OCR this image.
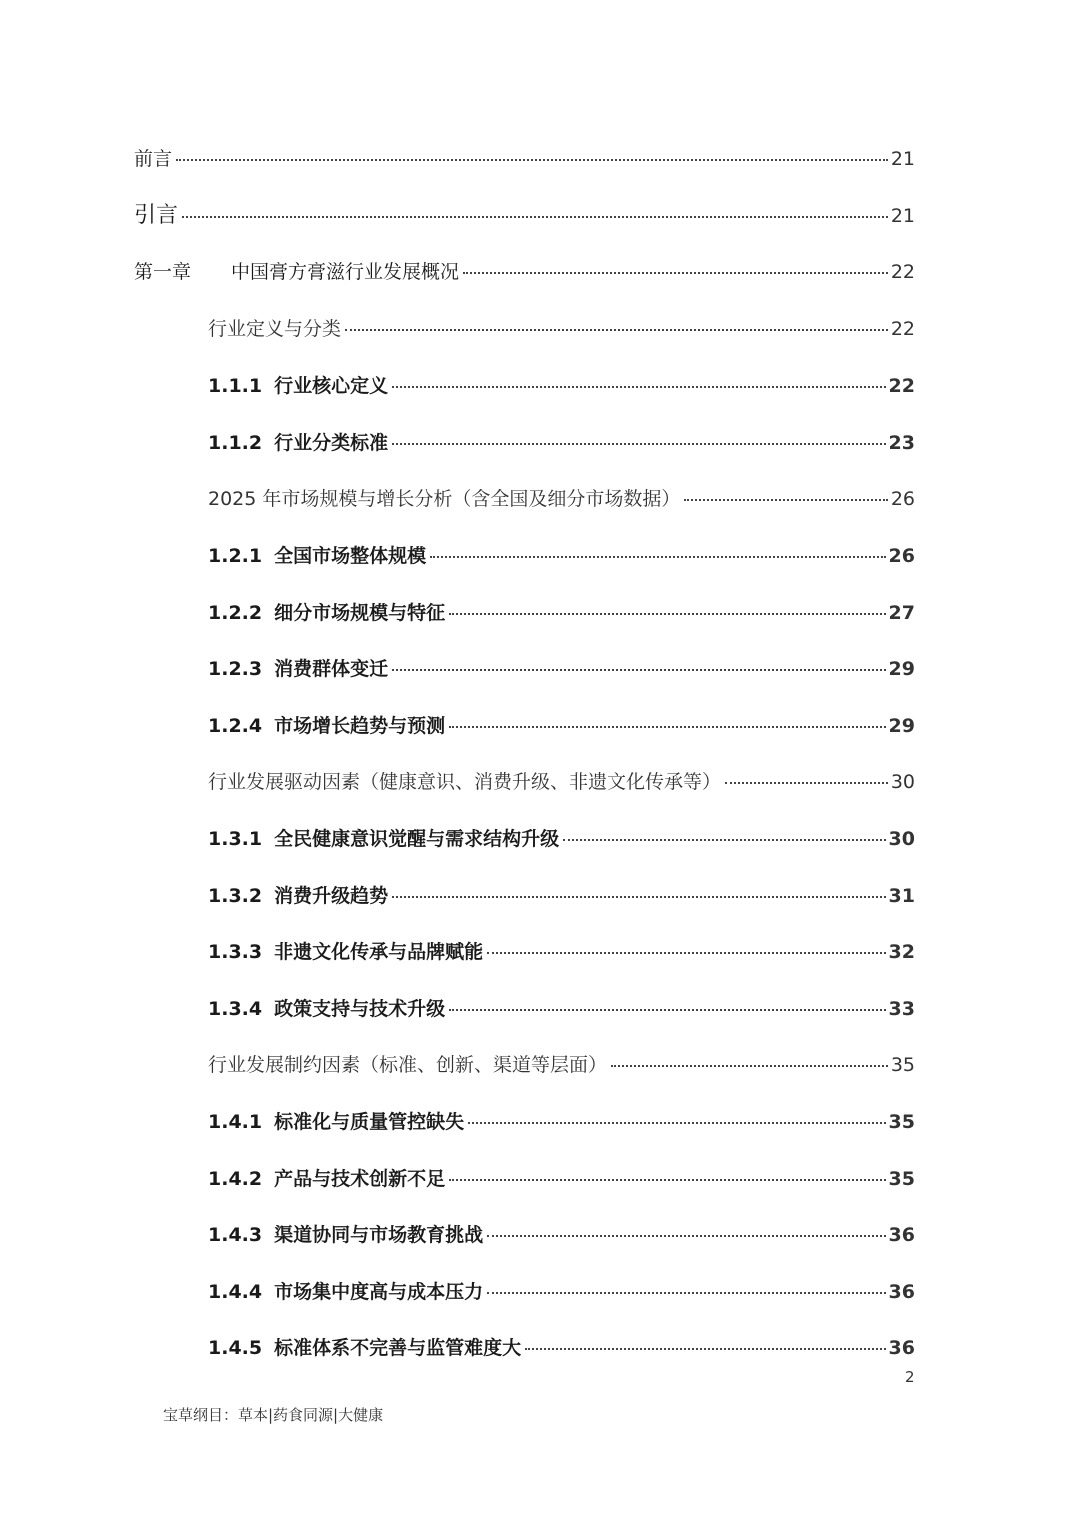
前言	21
引言	21
第一章 中国膏方膏滋行业发展概况	22
行业定义与分类	22
1.1.1 行业核心定义	22
1.1.2 行业分类标准	23
2025 年市场规模与增长分析（含全国及细分市场数据）	26
1.2.1 全国市场整体规模	26
1.2.2 细分市场规模与特征	27
1.2.3 消费群体变迁	29
1.2.4 市场增长趋势与预测	29
行业发展驱动因素（健康意识、消费升级、非遗文化传承等）	30
1.3.1 全民健康意识觉醒与需求结构升级	30
1.3.2 消费升级趋势	31
1.3.3 非遗文化传承与品牌赋能	32
1.3.4 政策支持与技术升级	33
行业发展制约因素（标准、创新、渠道等层面）	35
1.4.1 标准化与质量管控缺失	35
1.4.2 产品与技术创新不足	35
1.4.3 渠道协同与市场教育挑战	36
1.4.4 市场集中度高与成本压力	36
1.4.5 标准体系不完善与监管难度大	36
2
宝草纲目：草本|药食同源|大健康
